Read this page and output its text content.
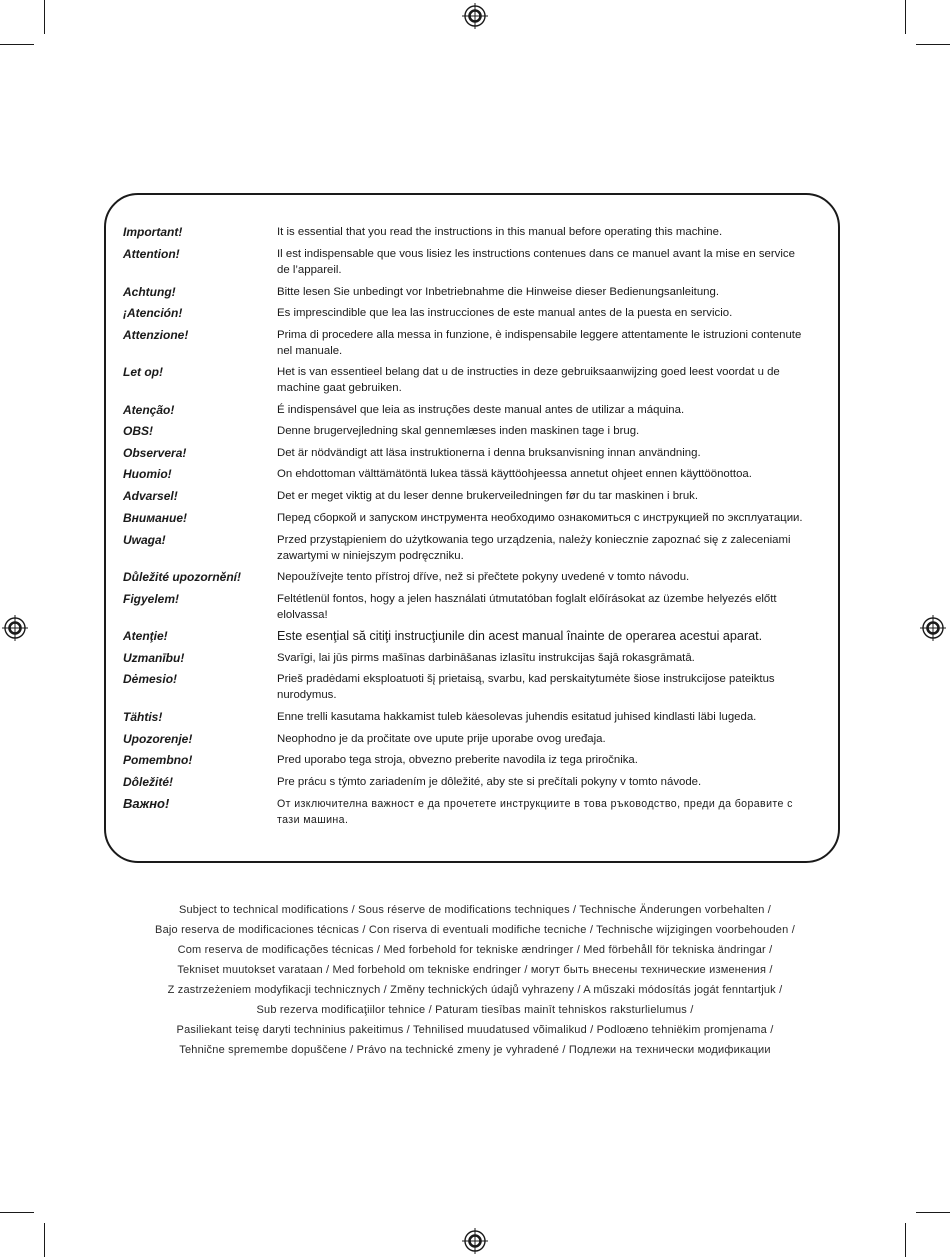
Important!	It is essential that you read the instructions in this manual before operating this machine.
Attention!	Il est indispensable que vous lisiez les instructions contenues dans ce manuel avant la mise en service
de l’appareil.
Achtung!	Bitte lesen Sie unbedingt vor Inbetriebnahme die Hinweise dieser Bedienungsanleitung.
¡Atención!	Es imprescindible que lea las instrucciones de este manual antes de la puesta en servicio.
Attenzione!	Prima di procedere alla messa in funzione, è indispensabile leggere attentamente le istruzioni contenute
nel manuale.
Let op!	Het is van essentieel belang dat u de instructies in deze gebruiksaanwijzing goed leest voordat u de
machine gaat gebruiken.
Atenção!	É indispensável que leia as instruções deste manual antes de utilizar a máquina.
OBS!	Denne brugervejledning skal gennemlæses inden maskinen tage i brug.
Observera!	Det är nödvändigt att läsa instruktionerna i denna bruksanvisning innan användning.
Huomio!	On ehdottoman välttämätöntä lukea tässä käyttöohjeessa annetut ohjeet ennen käyttöönottoa.
Advarsel!	Det er meget viktig at du leser denne brukerveiledningen før du tar maskinen i bruk.
Внимание!	Перед сборкой и запуском инструмента необходимо ознакомиться с инструкцией по эксплуатации.
Uwaga!	Przed przystąpieniem do użytkowania tego urządzenia, należy koniecznie zapoznać się z zaleceniami
zawartymi w niniejszym podręczniku.
Důležité upozornění!	Nepoužívejte tento přístroj dříve, než si přečtete pokyny uvedené v tomto návodu.
Figyelem!	Feltétlenül fontos, hogy a jelen használati útmutatóban foglalt előírásokat az üzembe helyezés előtt
elolvassa!
Atenţie!	Este esenţial să citiţi instrucţiunile din acest manual înainte de operarea acestui aparat.
Uzmanību!	Svarīgi, lai jūs pirms mašīnas darbināšanas izlasītu instrukcijas šajā rokasgrāmatā.
Dėmesio!	Prieš pradėdami eksploatuoti šį prietaisą, svarbu, kad perskaitytumėte šiose instrukcijose pateiktus
nurodymus.
Tähtis!	Enne trelli kasutama hakkamist tuleb käesolevas juhendis esitatud juhised kindlasti läbi lugeda.
Upozorenje!	Neophodno je da pročitate ove upute prije uporabe ovog uređaja.
Pomembno!	Pred uporabo tega stroja, obvezno preberite navodila iz tega priročnika.
Dôležité!	Pre prácu s týmto zariadením je dôležité, aby ste si prečítali pokyny v tomto návode.
Важно!	От изключителна важност е да прочетете инструкциите в това ръководство, преди да боравите с
тази машина.
Subject to technical modifications / Sous réserve de modifications techniques / Technische Änderungen vorbehalten /
Bajo reserva de modificaciones técnicas / Con riserva di eventuali modifiche tecniche / Technische wijzigingen voorbehouden /
Com reserva de modificações técnicas / Med forbehold for tekniske ændringer / Med förbehåll för tekniska ändringar /
Tekniset muutokset varataan / Med forbehold om tekniske endringer / могут быть внесены технические изменения /
Z zastrzeżeniem modyfikacji technicznych / Změny technických údajů vyhrazeny / A műszaki módosítás jogát fenntartjuk /
Sub rezerva modificaţiilor tehnice / Paturam tiesības mainīt tehniskos raksturlielumus /
Pasiliekant teisę daryti techninius pakeitimus / Tehnilised muudatused võimalikud / Podloæno tehniëkim promjenama /
Tehnične spremembe dopuščene / Právo na technické zmeny je vyhradené / Подлежи на технически модификации
